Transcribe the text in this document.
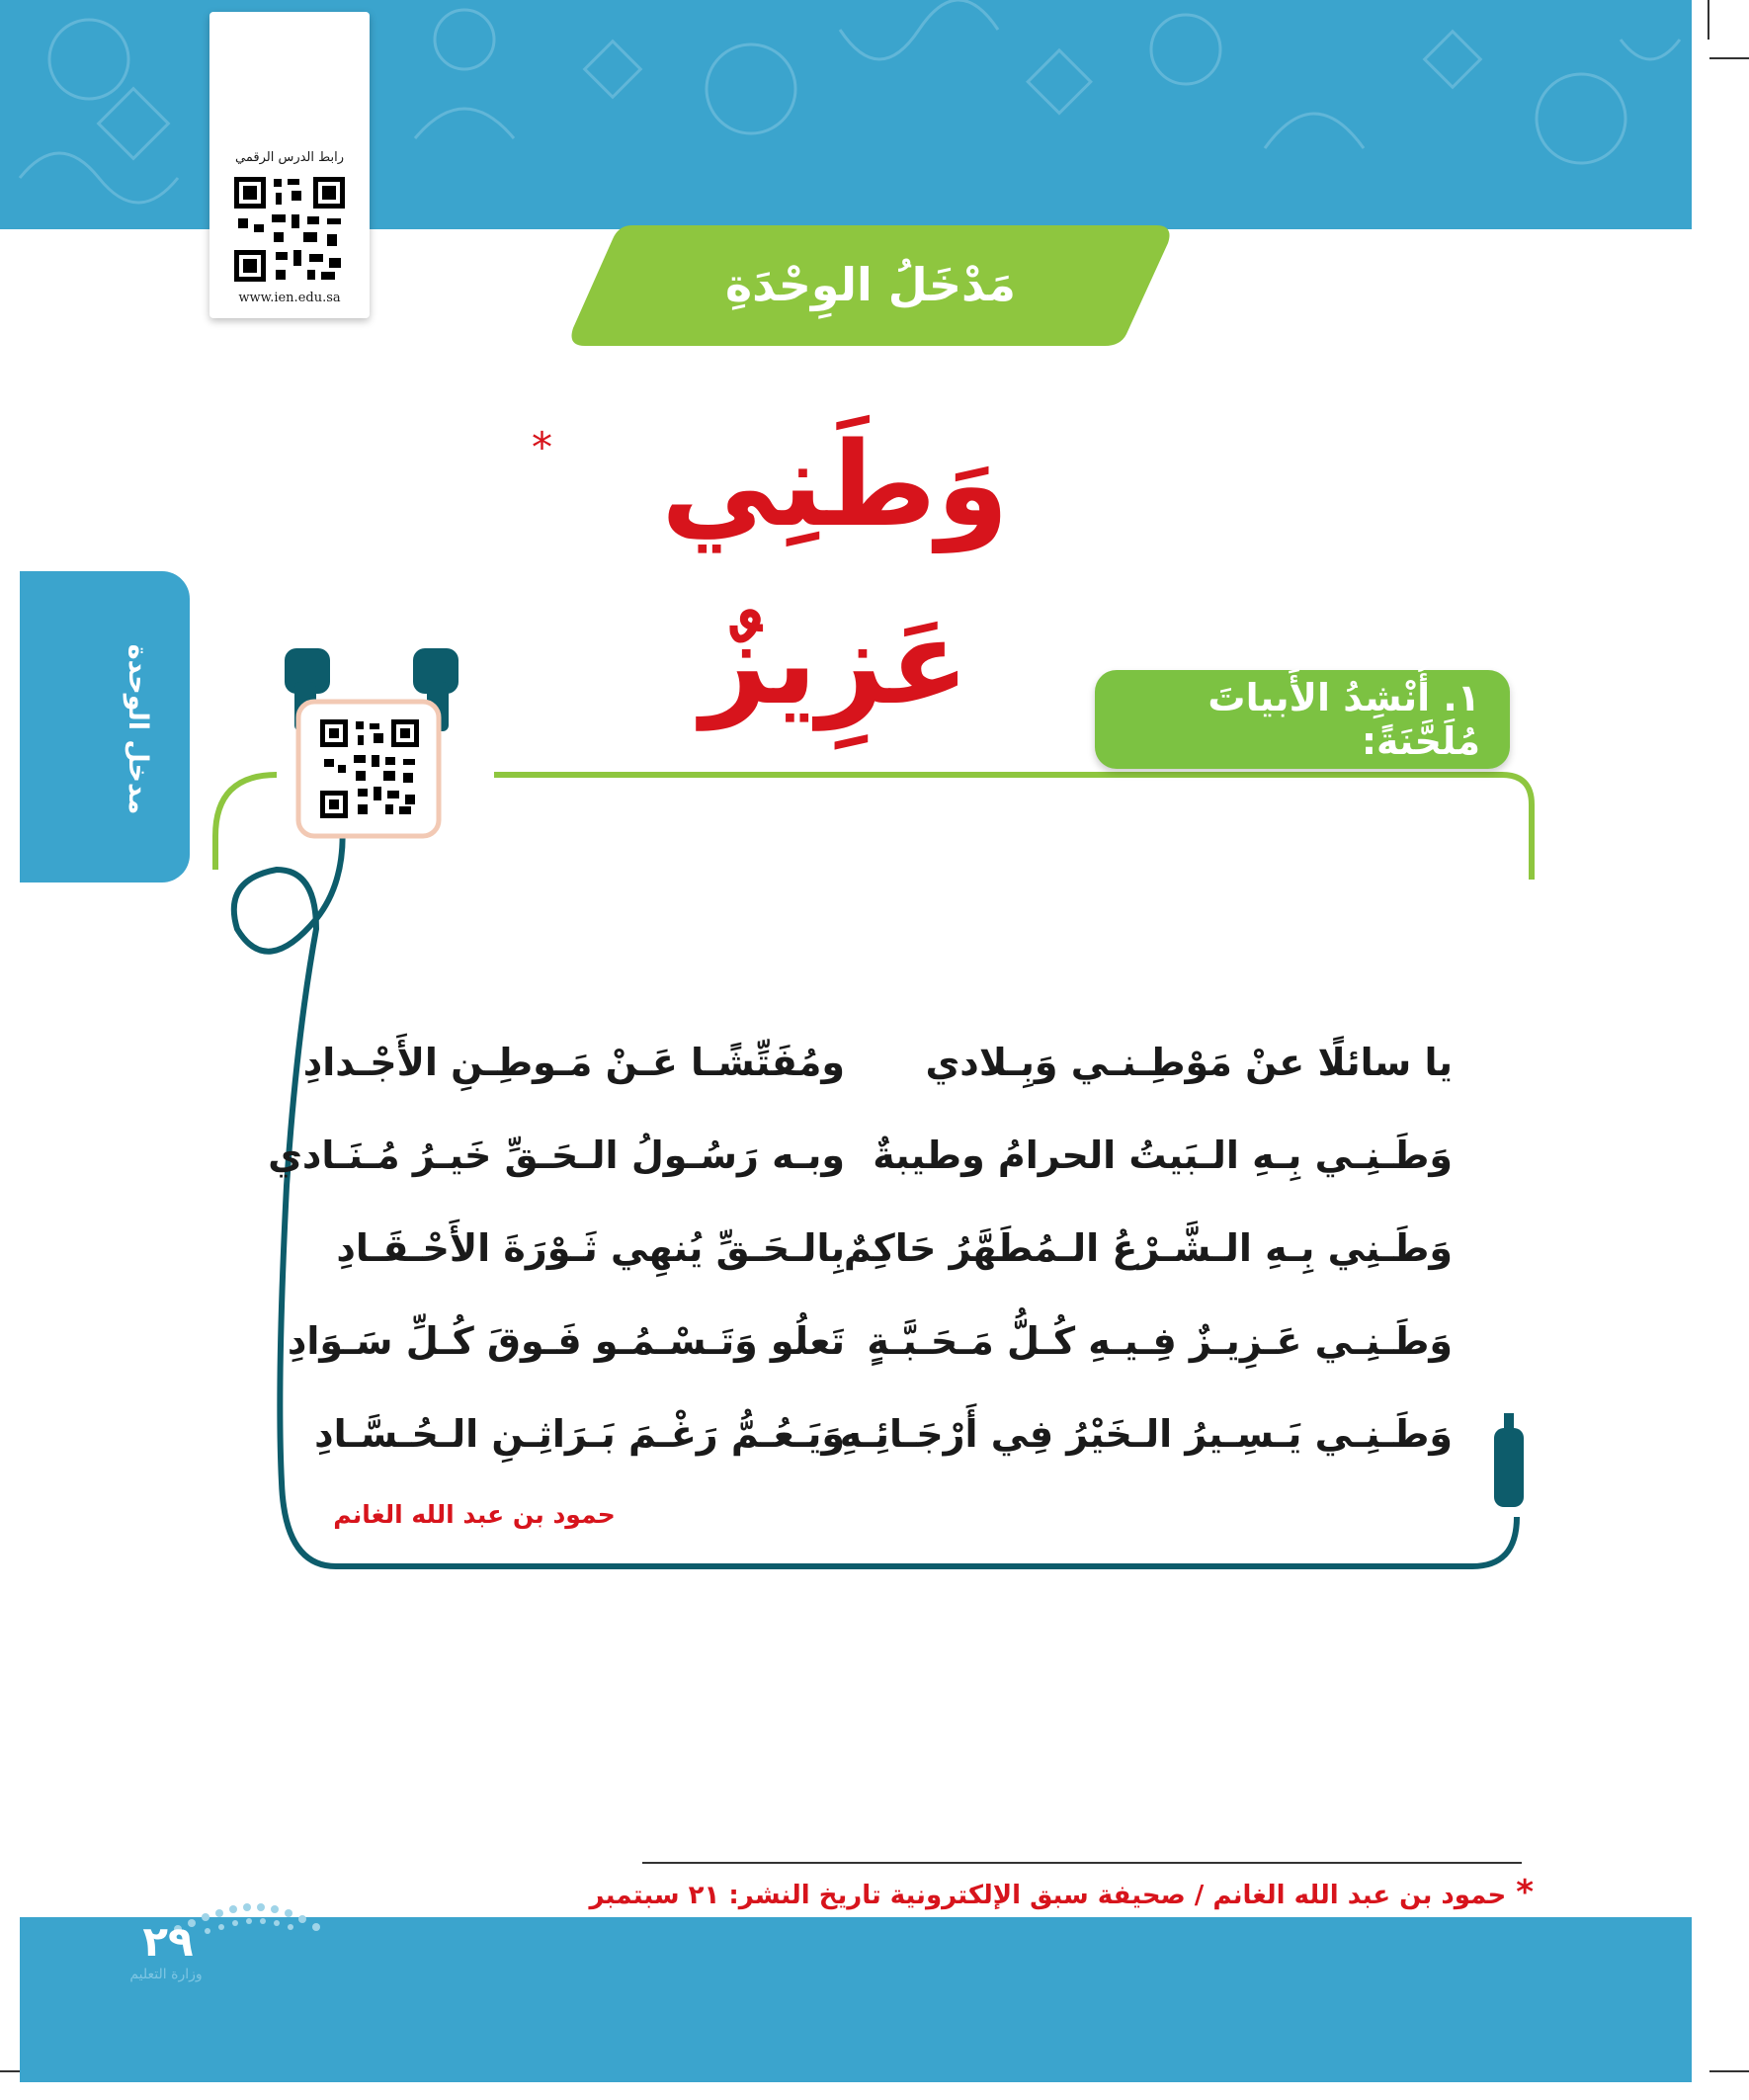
رابط الدرس الرقمي
www.ien.edu.sa	مَدْخَلُ الوِحْدَةِ
وَطَنِي عَزِيزٌ
*
مدخل الوحدة	١. أُنْشِدُ الأَبياتَ مُلَحَّنَةً:
يا سائلًا عنْ مَوْطِـنـي وَبِـلادي
ومُفَتِّشًـا عَـنْ مَـوطِـنِ الأَجْـدادِ
وَطَـنِـي بِـهِ الـبَيتُ الحرامُ وطيبةٌ
وبـه رَسُـولُ الـحَـقِّ خَيـرُ مُـنَـادي
وَطَـنِي بِـهِ الـشَّـرْعُ الـمُطَهَّرُ حَاكِمٌ
بِالـحَـقِّ يُنهِي ثَـوْرَةَ الأَحْـقَـادِ
وَطَـنِـي عَـزِيـزٌ فِـيـهِ كُـلُّ مَـحَـبَّـةٍ
تَعلُو وَتَـسْـمُـو فَـوقَ كُـلِّ سَـوَادِ
وَطَـنِـي يَـسِـيرُ الـخَيْرُ فِي أَرْجَـائِـهِ
وَيَـعُـمُّ رَغْـمَ بَـرَاثِـنِ الـحُـسَّـادِ
حمود بن عبد الله الغانم
*حمود بن عبد الله الغانم / صحيفة سبق الإلكترونية تاريخ النشر: ٢١ سبتمبر
وزارة التعليم
٢٩
